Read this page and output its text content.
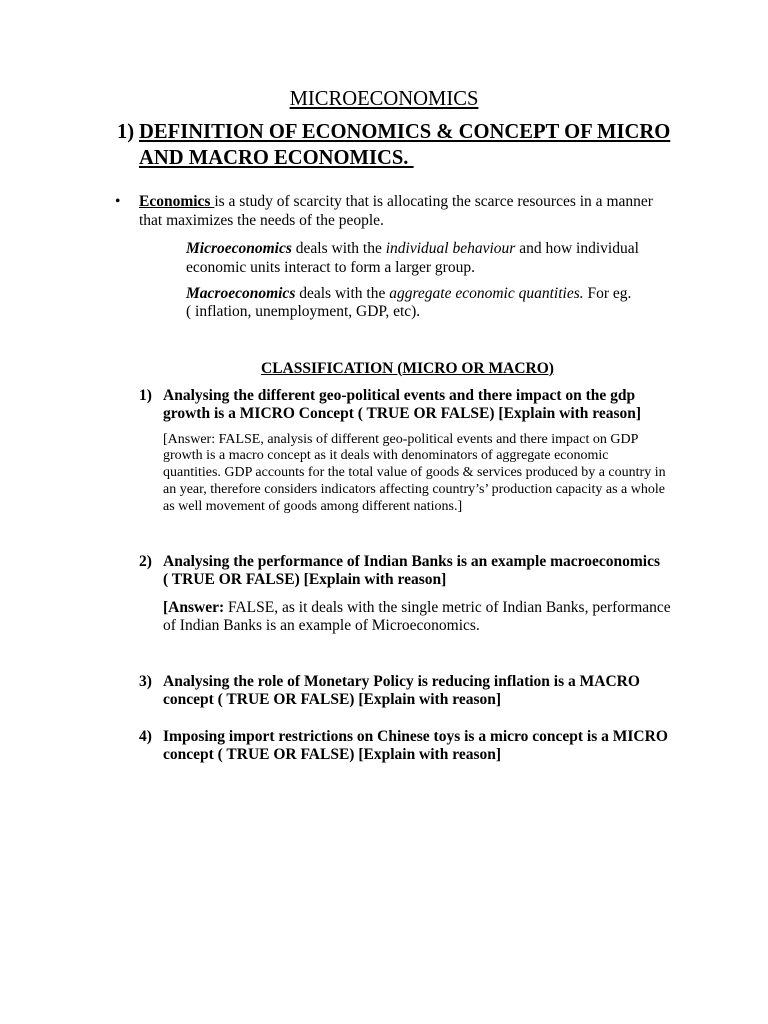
MICROECONOMICS
1) DEFINITION OF ECONOMICS & CONCEPT OF MICRO
AND MACRO ECONOMICS.
• Economics is a study of scarcity that is allocating the scarce resources in a manner
that maximizes the needs of the people.
Microeconomics deals with the individual behaviour and how individual
economic units interact to form a larger group.
Macroeconomics deals with the aggregate economic quantities. For eg.
( inflation, unemployment, GDP, etc).
CLASSIFICATION (MICRO OR MACRO)
1) Analysing the different geo-political events and there impact on the gdp
growth is a MICRO Concept ( TRUE OR FALSE) [Explain with reason]
[Answer: FALSE, analysis of different geo-political events and there impact on GDP
growth is a macro concept as it deals with denominators of aggregate economic
quantities. GDP accounts for the total value of goods & services produced by a country in
an year, therefore considers indicators affecting country’s’ production capacity as a whole
as well movement of goods among different nations.]
2) Analysing the performance of Indian Banks is an example macroeconomics
( TRUE OR FALSE) [Explain with reason]
[Answer: FALSE, as it deals with the single metric of Indian Banks, performance
of Indian Banks is an example of Microeconomics.
3) Analysing the role of Monetary Policy is reducing inflation is a MACRO
concept ( TRUE OR FALSE) [Explain with reason]
4) Imposing import restrictions on Chinese toys is a micro concept is a MICRO
concept ( TRUE OR FALSE) [Explain with reason]
